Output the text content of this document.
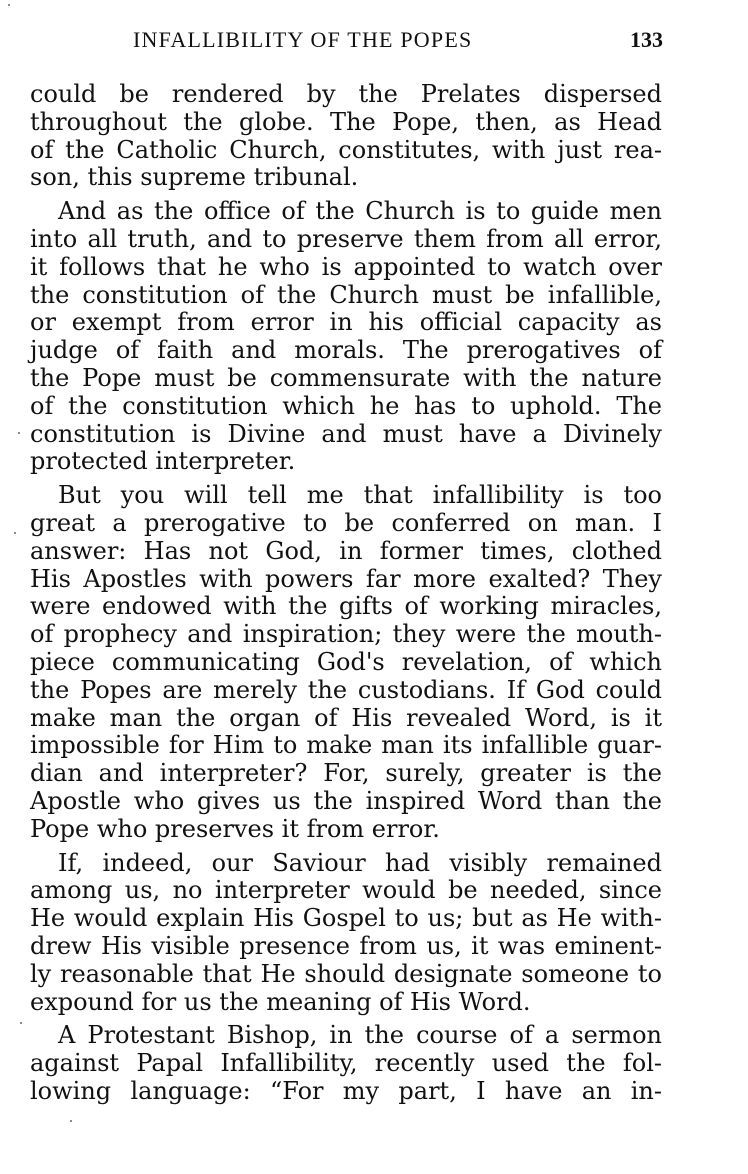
INFALLIBILITY OF THE POPES	133
could be rendered by the Prelates dispersed
throughout the globe. The Pope, then, as Head
of the Catholic Church, constitutes, with just rea-
son, this supreme tribunal.
And as the office of the Church is to guide men
into all truth, and to preserve them from all error,
it follows that he who is appointed to watch over
the constitution of the Church must be infallible,
or exempt from error in his official capacity as
judge of faith and morals. The prerogatives of
the Pope must be commensurate with the nature
of the constitution which he has to uphold. The
constitution is Divine and must have a Divinely
protected interpreter.
But you will tell me that infallibility is too
great a prerogative to be conferred on man. I
answer: Has not God, in former times, clothed
His Apostles with powers far more exalted? They
were endowed with the gifts of working miracles,
of prophecy and inspiration; they were the mouth-
piece communicating God's revelation, of which
the Popes are merely the custodians. If God could
make man the organ of His revealed Word, is it
impossible for Him to make man its infallible guar-
dian and interpreter? For, surely, greater is the
Apostle who gives us the inspired Word than the
Pope who preserves it from error.
If, indeed, our Saviour had visibly remained
among us, no interpreter would be needed, since
He would explain His Gospel to us; but as He with-
drew His visible presence from us, it was eminent-
ly reasonable that He should designate someone to
expound for us the meaning of His Word.
A Protestant Bishop, in the course of a sermon
against Papal Infallibility, recently used the fol-
lowing language: “For my part, I have an in-
